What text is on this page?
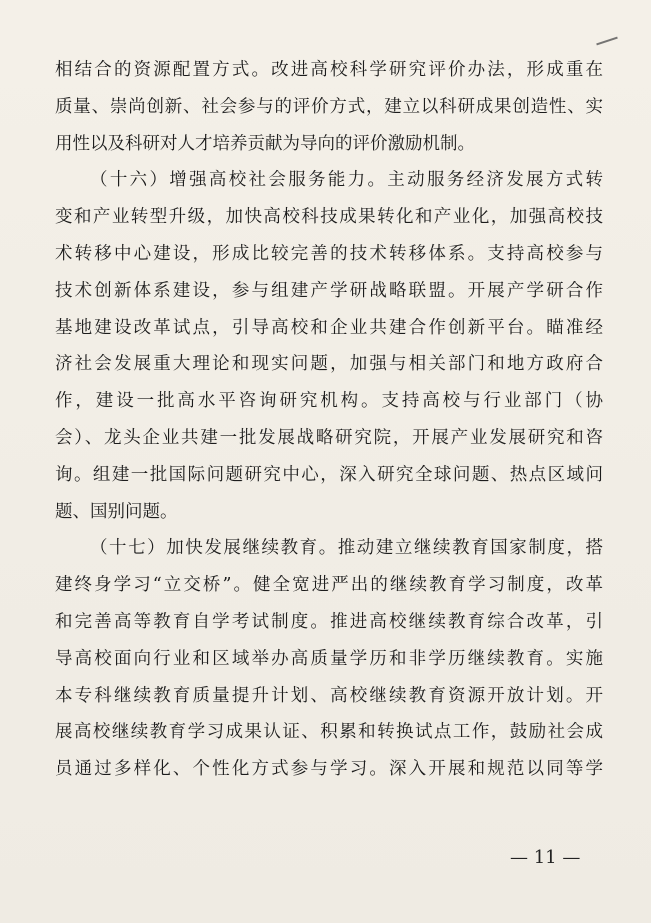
相结合的资源配置方式。改进高校科学研究评价办法，形成重在
质量、崇尚创新、社会参与的评价方式，建立以科研成果创造性、实
用性以及科研对人才培养贡献为导向的评价激励机制。
（十六）增强高校社会服务能力。主动服务经济发展方式转
变和产业转型升级，加快高校科技成果转化和产业化，加强高校技
术转移中心建设，形成比较完善的技术转移体系。支持高校参与
技术创新体系建设，参与组建产学研战略联盟。开展产学研合作
基地建设改革试点，引导高校和企业共建合作创新平台。瞄准经
济社会发展重大理论和现实问题，加强与相关部门和地方政府合
作，建设一批高水平咨询研究机构。支持高校与行业部门（协
会）、龙头企业共建一批发展战略研究院，开展产业发展研究和咨
询。组建一批国际问题研究中心，深入研究全球问题、热点区域问
题、国别问题。
（十七）加快发展继续教育。推动建立继续教育国家制度，搭
建终身学习“立交桥”。健全宽进严出的继续教育学习制度，改革
和完善高等教育自学考试制度。推进高校继续教育综合改革，引
导高校面向行业和区域举办高质量学历和非学历继续教育。实施
本专科继续教育质量提升计划、高校继续教育资源开放计划。开
展高校继续教育学习成果认证、积累和转换试点工作，鼓励社会成
员通过多样化、个性化方式参与学习。深入开展和规范以同等学
— 11 —
